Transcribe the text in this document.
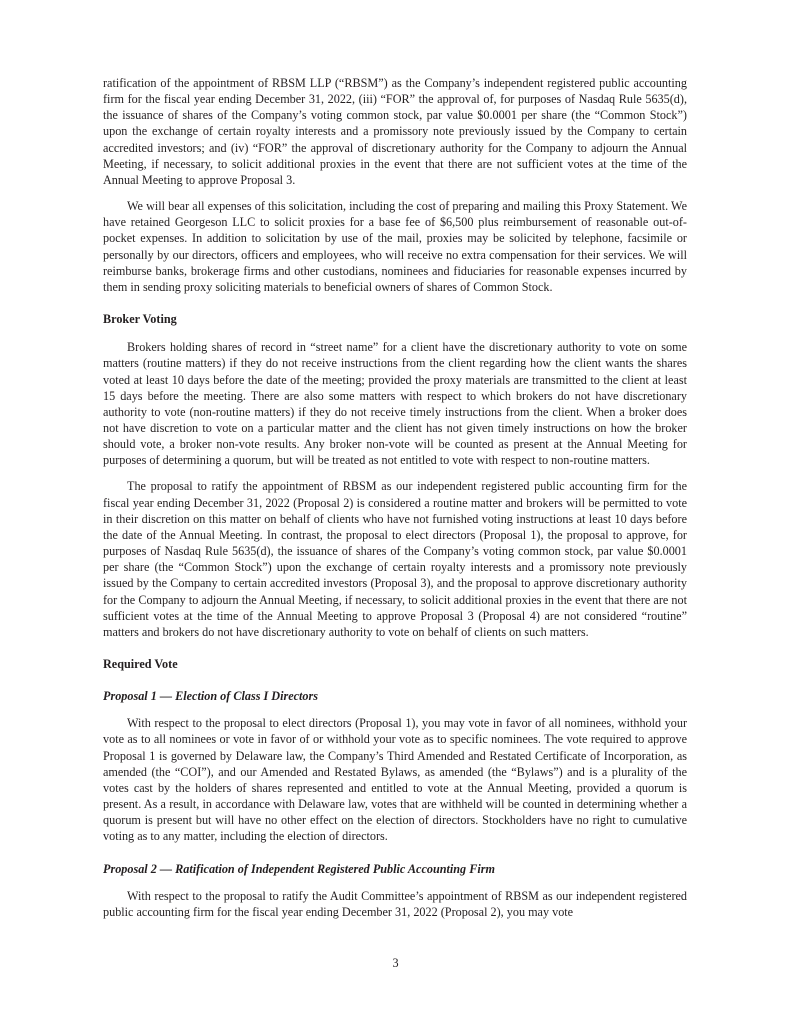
ratification of the appointment of RBSM LLP (“RBSM”) as the Company’s independent registered public accounting firm for the fiscal year ending December 31, 2022, (iii) “FOR” the approval of, for purposes of Nasdaq Rule 5635(d), the issuance of shares of the Company’s voting common stock, par value $0.0001 per share (the “Common Stock”) upon the exchange of certain royalty interests and a promissory note previously issued by the Company to certain accredited investors; and (iv) “FOR” the approval of discretionary authority for the Company to adjourn the Annual Meeting, if necessary, to solicit additional proxies in the event that there are not sufficient votes at the time of the Annual Meeting to approve Proposal 3.

We will bear all expenses of this solicitation, including the cost of preparing and mailing this Proxy Statement. We have retained Georgeson LLC to solicit proxies for a base fee of $6,500 plus reimbursement of reasonable out-of-pocket expenses. In addition to solicitation by use of the mail, proxies may be solicited by telephone, facsimile or personally by our directors, officers and employees, who will receive no extra compensation for their services. We will reimburse banks, brokerage firms and other custodians, nominees and fiduciaries for reasonable expenses incurred by them in sending proxy soliciting materials to beneficial owners of shares of Common Stock.

Broker Voting

Brokers holding shares of record in “street name” for a client have the discretionary authority to vote on some matters (routine matters) if they do not receive instructions from the client regarding how the client wants the shares voted at least 10 days before the date of the meeting; provided the proxy materials are transmitted to the client at least 15 days before the meeting. There are also some matters with respect to which brokers do not have discretionary authority to vote (non-routine matters) if they do not receive timely instructions from the client. When a broker does not have discretion to vote on a particular matter and the client has not given timely instructions on how the broker should vote, a broker non-vote results. Any broker non-vote will be counted as present at the Annual Meeting for purposes of determining a quorum, but will be treated as not entitled to vote with respect to non-routine matters.

The proposal to ratify the appointment of RBSM as our independent registered public accounting firm for the fiscal year ending December 31, 2022 (Proposal 2) is considered a routine matter and brokers will be permitted to vote in their discretion on this matter on behalf of clients who have not furnished voting instructions at least 10 days before the date of the Annual Meeting. In contrast, the proposal to elect directors (Proposal 1), the proposal to approve, for purposes of Nasdaq Rule 5635(d), the issuance of shares of the Company’s voting common stock, par value $0.0001 per share (the “Common Stock”) upon the exchange of certain royalty interests and a promissory note previously issued by the Company to certain accredited investors (Proposal 3), and the proposal to approve discretionary authority for the Company to adjourn the Annual Meeting, if necessary, to solicit additional proxies in the event that there are not sufficient votes at the time of the Annual Meeting to approve Proposal 3 (Proposal 4) are not considered “routine” matters and brokers do not have discretionary authority to vote on behalf of clients on such matters.

Required Vote
Proposal 1 — Election of Class I Directors

With respect to the proposal to elect directors (Proposal 1), you may vote in favor of all nominees, withhold your vote as to all nominees or vote in favor of or withhold your vote as to specific nominees. The vote required to approve Proposal 1 is governed by Delaware law, the Company’s Third Amended and Restated Certificate of Incorporation, as amended (the “COI”), and our Amended and Restated Bylaws, as amended (the “Bylaws”) and is a plurality of the votes cast by the holders of shares represented and entitled to vote at the Annual Meeting, provided a quorum is present. As a result, in accordance with Delaware law, votes that are withheld will be counted in determining whether a quorum is present but will have no other effect on the election of directors. Stockholders have no right to cumulative voting as to any matter, including the election of directors.

Proposal 2 — Ratification of Independent Registered Public Accounting Firm

With respect to the proposal to ratify the Audit Committee’s appointment of RBSM as our independent registered public accounting firm for the fiscal year ending December 31, 2022 (Proposal 2), you may vote

3
